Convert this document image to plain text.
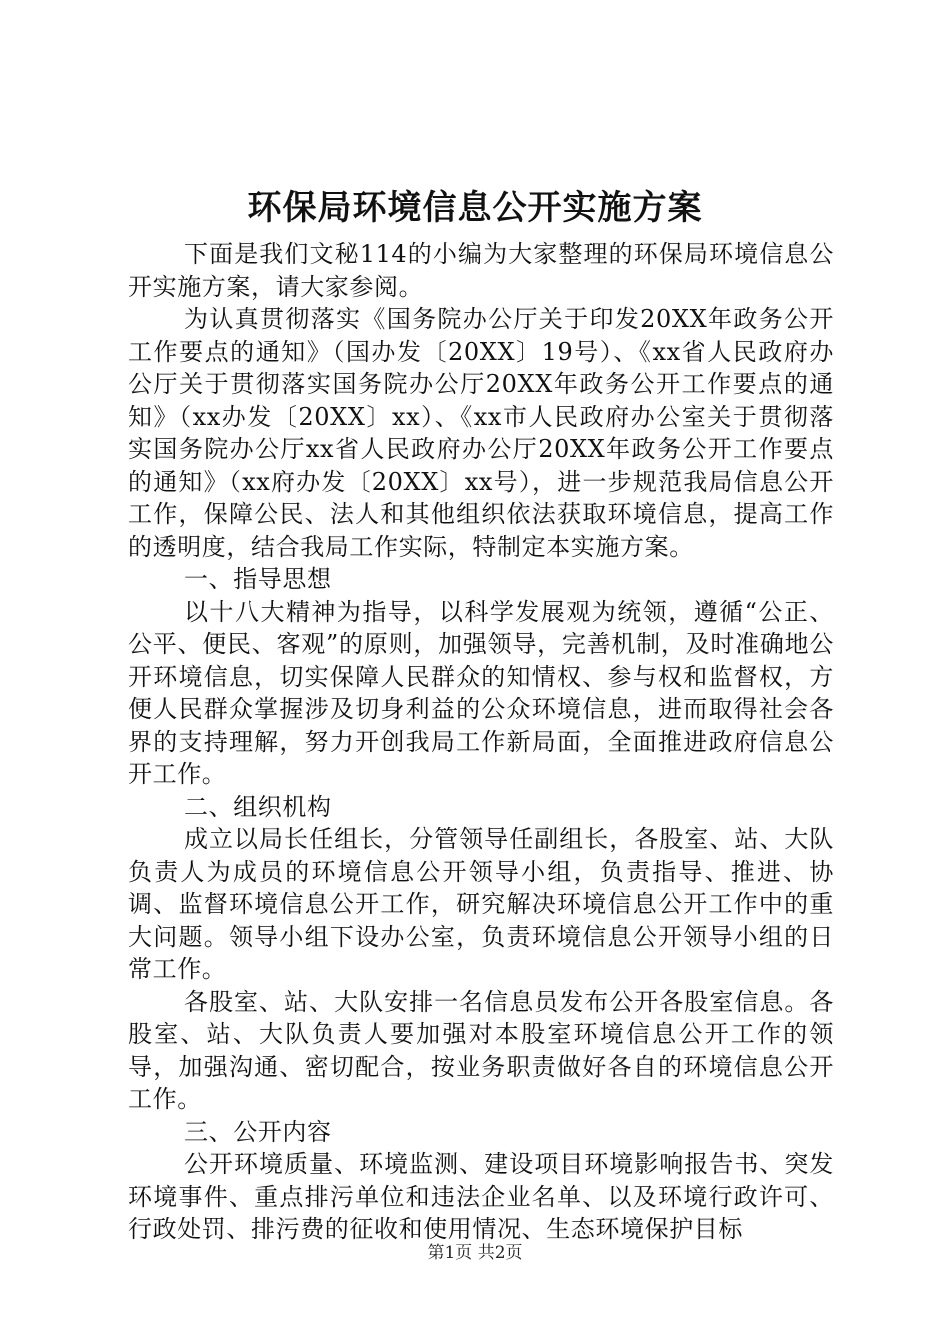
环保局环境信息公开实施方案

下面是我们文秘114的小编为大家整理的环保局环境信息公开实施方案，请大家参阅。

为认真贯彻落实《国务院办公厅关于印发20XX年政务公开工作要点的通知》（国办发〔20XX〕19号）、《xx省人民政府办公厅关于贯彻落实国务院办公厅20XX年政务公开工作要点的通知》（xx办发〔20XX〕xx）、《xx市人民政府办公室关于贯彻落实国务院办公厅xx省人民政府办公厅20XX年政务公开工作要点的通知》（xx府办发〔20XX〕xx号），进一步规范我局信息公开工作，保障公民、法人和其他组织依法获取环境信息，提高工作的透明度，结合我局工作实际，特制定本实施方案。

一、指导思想

以十八大精神为指导，以科学发展观为统领，遵循“公正、公平、便民、客观”的原则，加强领导，完善机制，及时准确地公开环境信息，切实保障人民群众的知情权、参与权和监督权，方便人民群众掌握涉及切身利益的公众环境信息，进而取得社会各界的支持理解，努力开创我局工作新局面，全面推进政府信息公开工作。

二、组织机构

成立以局长任组长，分管领导任副组长，各股室、站、大队负责人为成员的环境信息公开领导小组，负责指导、推进、协调、监督环境信息公开工作，研究解决环境信息公开工作中的重大问题。领导小组下设办公室，负责环境信息公开领导小组的日常工作。

各股室、站、大队安排一名信息员发布公开各股室信息。各股室、站、大队负责人要加强对本股室环境信息公开工作的领导，加强沟通、密切配合，按业务职责做好各自的环境信息公开工作。

三、公开内容

公开环境质量、环境监测、建设项目环境影响报告书、突发环境事件、重点排污单位和违法企业名单、以及环境行政许可、行政处罚、排污费的征收和使用情况、生态环境保护目标

第1页 共2页
